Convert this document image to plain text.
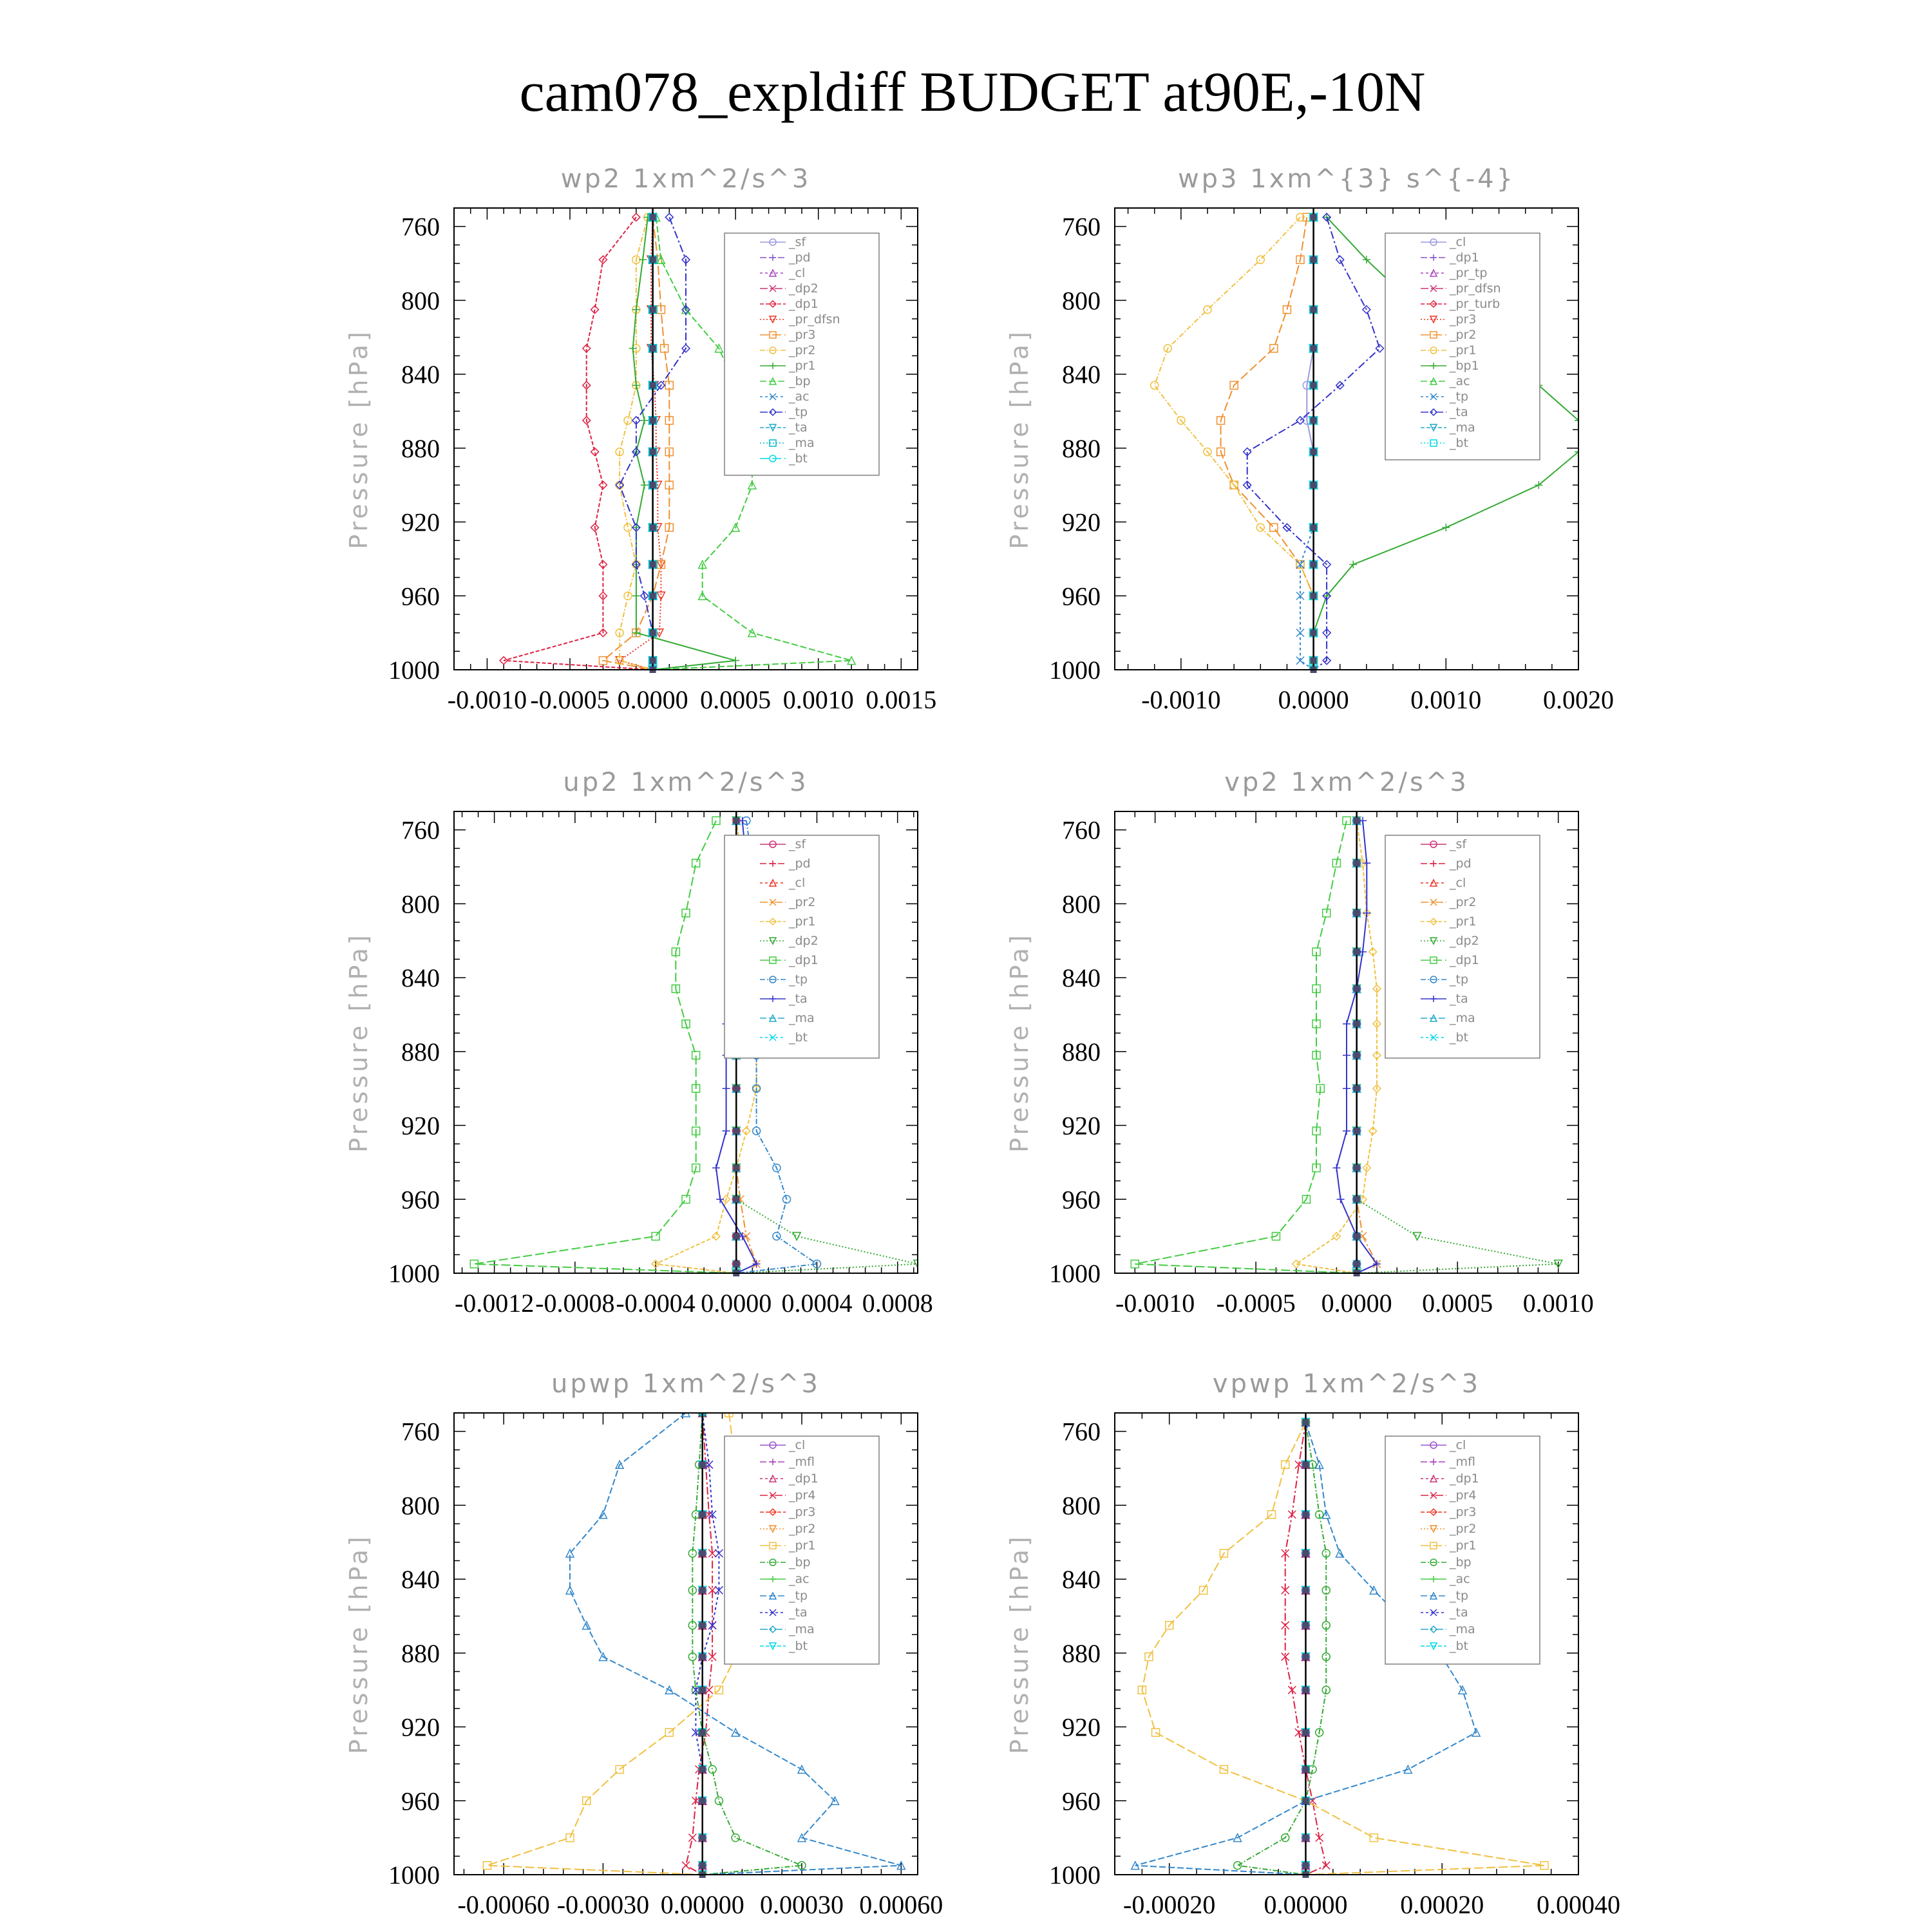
cam078_expldiff BUDGET at90E,-10N
wp2 1xm^2/s^3
Pressure [hPa]
760
800
840
880
920
960
1000
-0.0010 -0.0005 0.0000 0.0005 0.0010 0.0015
_sf
_pd
_cl
_dp2
_dp1
_pr_dfsn
_pr3
_pr2
_pr1
_bp
_ac
_tp
_ta
_ma
_bt
wp3 1xm^{3} s^{-4}
Pressure [hPa]
760
800
840
880
920
960
1000
-0.0010 0.0000 0.0010 0.0020
_cl
_dp1
_pr_tp
_pr_dfsn
_pr_turb
_pr3
_pr2
_pr1
_bp1
_ac
_tp
_ta
_ma
_bt
up2 1xm^2/s^3
Pressure [hPa]
760
800
840
880
920
960
1000
-0.0012 -0.0008 -0.0004 0.0000 0.0004 0.0008
_sf
_pd
_cl
_pr2
_pr1
_dp2
_dp1
_tp
_ta
_ma
_bt
vp2 1xm^2/s^3
Pressure [hPa]
760
800
840
880
920
960
1000
-0.0010 -0.0005 0.0000 0.0005 0.0010
_sf
_pd
_cl
_pr2
_pr1
_dp2
_dp1
_tp
_ta
_ma
_bt
upwp 1xm^2/s^3
Pressure [hPa]
760
800
840
880
920
960
1000
-0.00060 -0.00030 0.00000 0.00030 0.00060
_cl
_mfl
_dp1
_pr4
_pr3
_pr2
_pr1
_bp
_ac
_tp
_ta
_ma
_bt
vpwp 1xm^2/s^3
Pressure [hPa]
760
800
840
880
920
960
1000
-0.00020 0.00000 0.00020 0.00040
_cl
_mfl
_dp1
_pr4
_pr3
_pr2
_pr1
_bp
_ac
_tp
_ta
_ma
_bt
